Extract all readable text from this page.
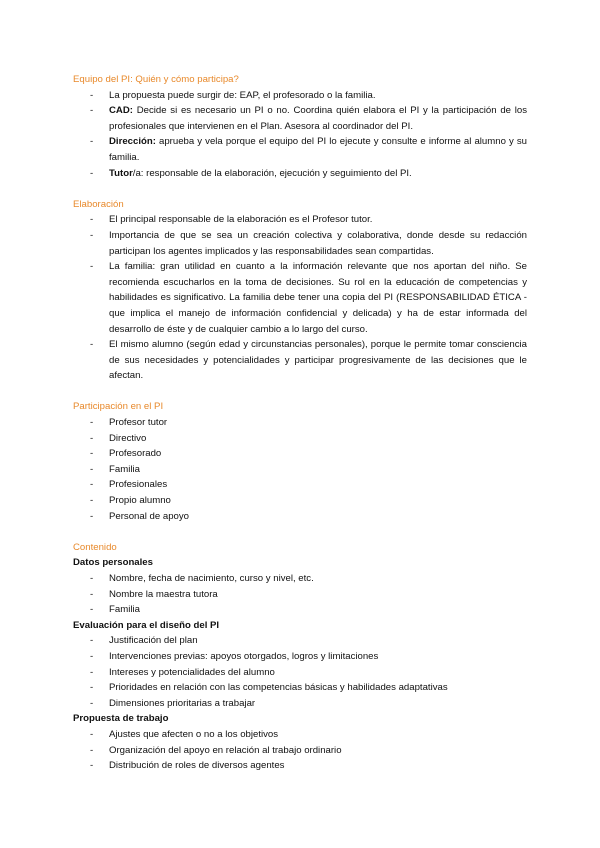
Equipo del PI: Quién y cómo participa?

- La propuesta puede surgir de: EAP, el profesorado o la familia.
- CAD: Decide si es necesario un PI o no. Coordina quién elabora el PI y la participación de los profesionales que intervienen en el Plan. Asesora al coordinador del PI.
- Dirección: aprueba y vela porque el equipo del PI lo ejecute y consulte e informe al alumno y su familia.
- Tutor/a: responsable de la elaboración, ejecución y seguimiento del PI.

Elaboración

- El principal responsable de la elaboración es el Profesor tutor.
- Importancia de que se sea un creación colectiva y colaborativa, donde desde su redacción participan los agentes implicados y las responsabilidades sean compartidas.
- La familia: gran utilidad en cuanto a la información relevante que nos aportan del niño. Se recomienda escucharlos en la toma de decisiones. Su rol en la educación de competencias y habilidades es significativo. La familia debe tener una copia del PI (RESPONSABILIDAD ÉTICA - que implica el manejo de información confidencial y delicada) y ha de estar informada del desarrollo de éste y de cualquier cambio a lo largo del curso.
- El mismo alumno (según edad y circunstancias personales), porque le permite tomar consciencia de sus necesidades y potencialidades y participar progresivamente de las decisiones que le afectan.

Participación en el PI

- Profesor tutor
- Directivo
- Profesorado
- Familia
- Profesionales
- Propio alumno
- Personal de apoyo

Contenido

Datos personales

- Nombre, fecha de nacimiento, curso y nivel, etc.
- Nombre la maestra tutora
- Familia

Evaluación para el diseño del PI

- Justificación del plan
- Intervenciones previas: apoyos otorgados, logros y limitaciones
- Intereses y potencialidades del alumno
- Prioridades en relación con las competencias básicas y habilidades adaptativas
- Dimensiones prioritarias a trabajar

Propuesta de trabajo

- Ajustes que afecten o no a los objetivos
- Organización del apoyo en relación al trabajo ordinario
- Distribución de roles de diversos agentes
